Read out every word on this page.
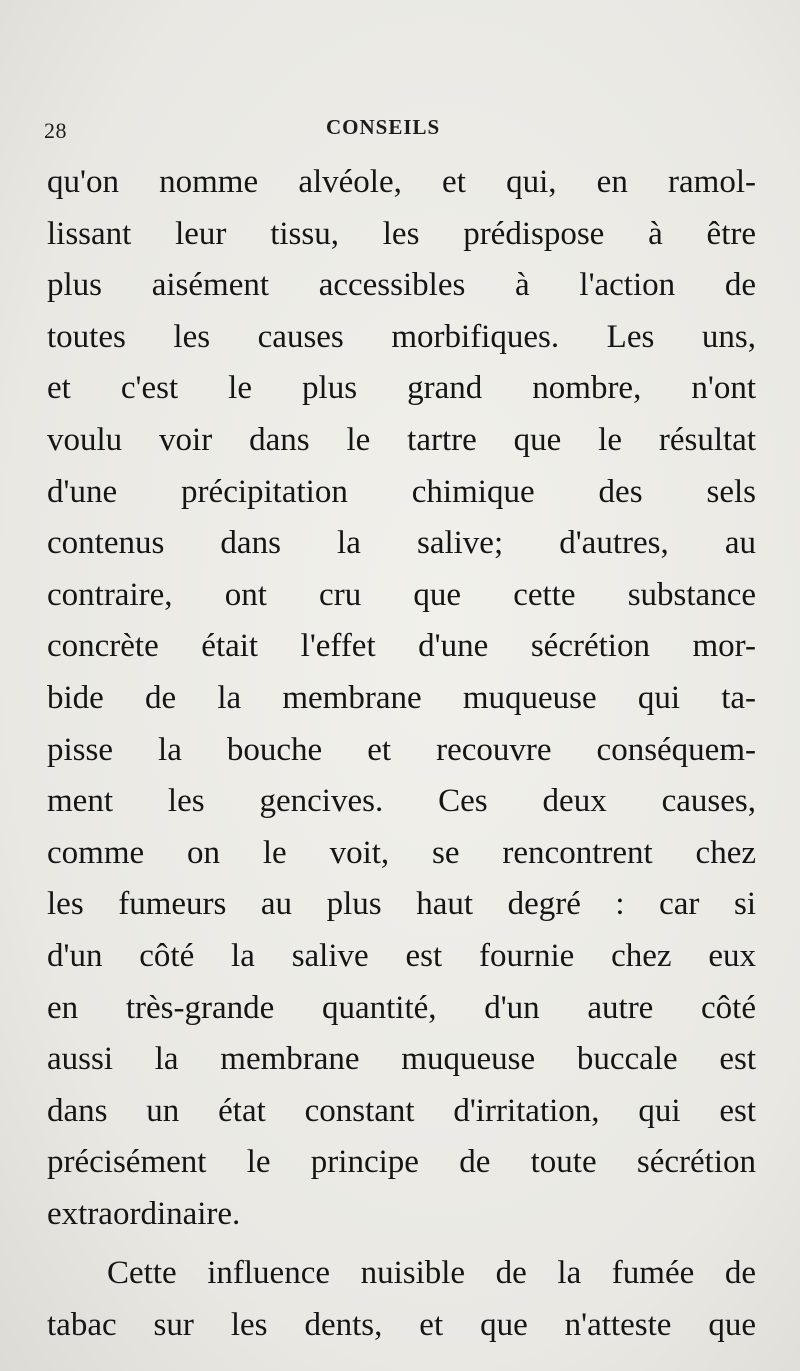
28	CONSEILS
qu'on nomme alvéole, et qui, en ramol-
lissant leur tissu, les prédispose à être
plus aisément accessibles à l'action de
toutes les causes morbifiques. Les uns,
et c'est le plus grand nombre, n'ont
voulu voir dans le tartre que le résultat
d'une précipitation chimique des sels
contenus dans la salive; d'autres, au
contraire, ont cru que cette substance
concrète était l'effet d'une sécrétion mor-
bide de la membrane muqueuse qui ta-
pisse la bouche et recouvre conséquem-
ment les gencives. Ces deux causes,
comme on le voit, se rencontrent chez
les fumeurs au plus haut degré : car si
d'un côté la salive est fournie chez eux
en très-grande quantité, d'un autre côté
aussi la membrane muqueuse buccale est
dans un état constant d'irritation, qui est
précisément le principe de toute sécrétion
extraordinaire.
Cette influence nuisible de la fumée de
tabac sur les dents, et que n'atteste que
